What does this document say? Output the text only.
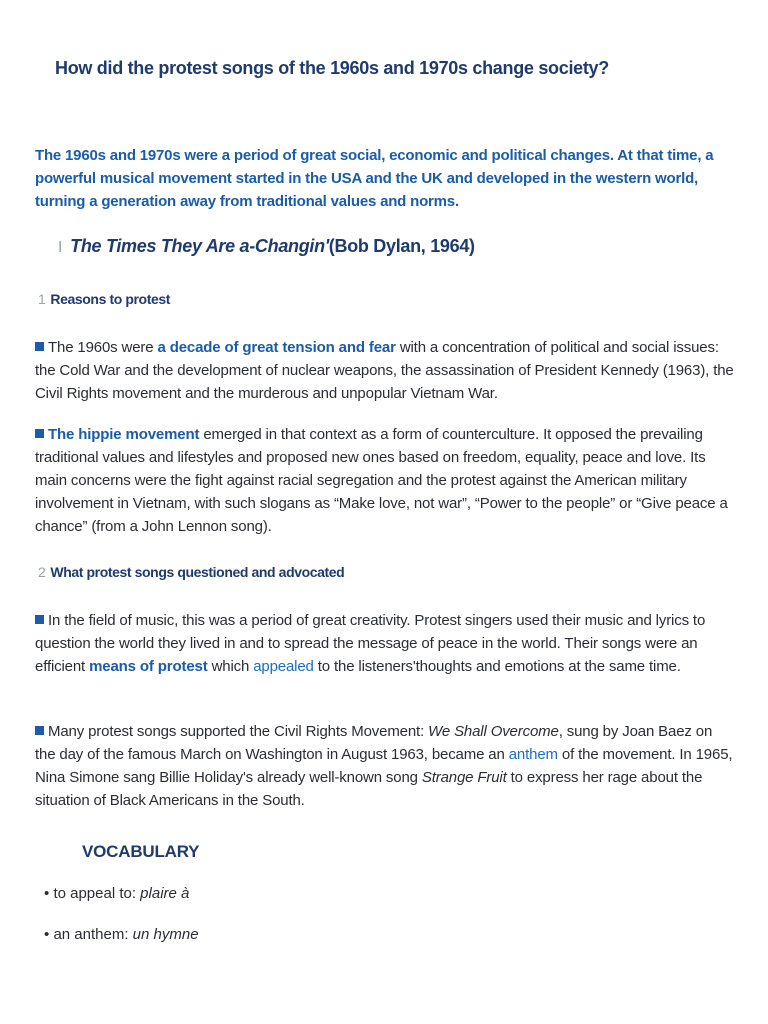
How did the protest songs of the 1960s and 1970s change society?
The 1960s and 1970s were a period of great social, economic and political changes. At that time, a powerful musical movement started in the USA and the UK and developed in the western world, turning a generation away from traditional values and norms.
I The Times They Are a-Changin'(Bob Dylan, 1964)
1 Reasons to protest
The 1960s were a decade of great tension and fear with a concentration of political and social issues: the Cold War and the development of nuclear weapons, the assassination of President Kennedy (1963), the Civil Rights movement and the murderous and unpopular Vietnam War.
The hippie movement emerged in that context as a form of counterculture. It opposed the prevailing traditional values and lifestyles and proposed new ones based on freedom, equality, peace and love. Its main concerns were the fight against racial segregation and the protest against the American military involvement in Vietnam, with such slogans as “Make love, not war”, “Power to the people” or “Give peace a chance” (from a John Lennon song).
2 What protest songs questioned and advocated
In the field of music, this was a period of great creativity. Protest singers used their music and lyrics to question the world they lived in and to spread the message of peace in the world. Their songs were an efficient means of protest which appealed to the listeners'thoughts and emotions at the same time.
Many protest songs supported the Civil Rights Movement: We Shall Overcome, sung by Joan Baez on the day of the famous March on Washington in August 1963, became an anthem of the movement. In 1965, Nina Simone sang Billie Holiday's already well-known song Strange Fruit to express her rage about the situation of Black Americans in the South.
VOCABULARY
• to appeal to: plaire à
• an anthem: un hymne
